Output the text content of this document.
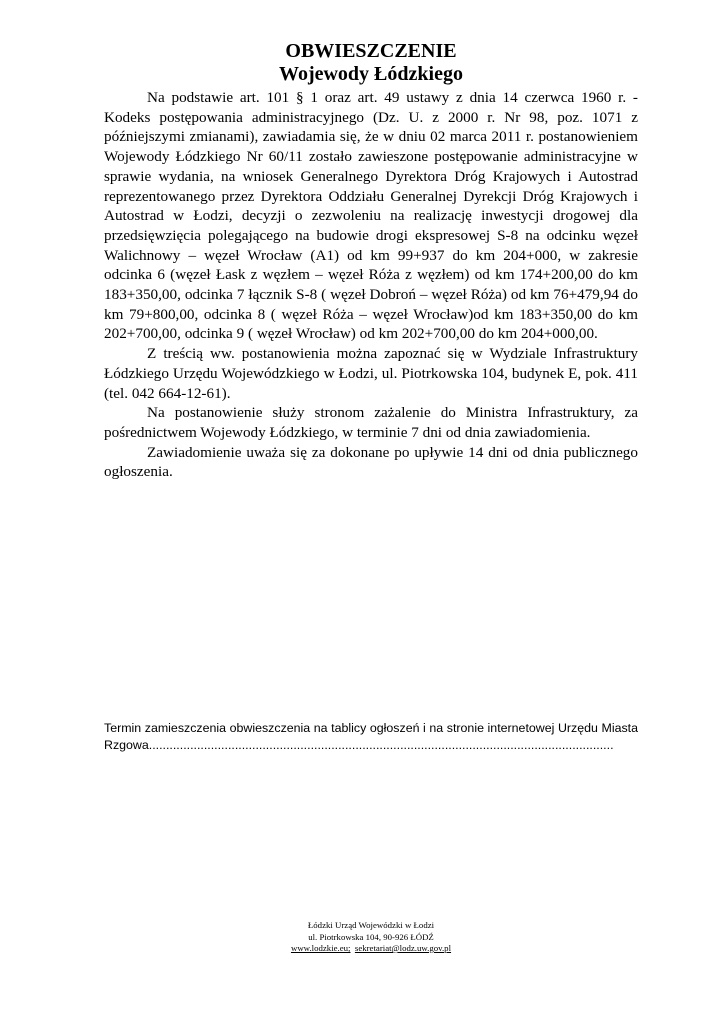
OBWIESZCZENIE

Wojewody Łódzkiego

Na podstawie art. 101 § 1 oraz art. 49 ustawy z dnia 14 czerwca 1960 r. - Kodeks postępowania administracyjnego (Dz. U. z 2000 r. Nr 98, poz. 1071 z późniejszymi zmianami), zawiadamia się, że w dniu 02 marca 2011 r. postanowieniem Wojewody Łódzkiego Nr 60/11 zostało zawieszone postępowanie administracyjne w sprawie wydania, na wniosek Generalnego Dyrektora Dróg Krajowych i Autostrad reprezentowanego przez Dyrektora Oddziału Generalnej Dyrekcji Dróg Krajowych i Autostrad w Łodzi, decyzji o zezwoleniu na realizację inwestycji drogowej dla przedsięwzięcia polegającego na budowie drogi ekspresowej S-8 na odcinku węzeł Walichnowy – węzeł Wrocław (A1) od km 99+937 do km 204+000, w zakresie odcinka 6 (węzeł Łask z węzłem – węzeł Róża z węzłem) od km 174+200,00 do km 183+350,00, odcinka 7 łącznik S-8 ( węzeł Dobroń – węzeł Róża) od km 76+479,94 do km 79+800,00, odcinka 8 ( węzeł Róża – węzeł Wrocław)od km 183+350,00 do km 202+700,00, odcinka 9 ( węzeł Wrocław) od km 202+700,00 do km 204+000,00.

Z treścią ww. postanowienia można zapoznać się w Wydziale Infrastruktury Łódzkiego Urzędu Wojewódzkiego w Łodzi, ul. Piotrkowska 104, budynek E, pok. 411 (tel. 042 664-12-61).

Na postanowienie służy stronom zażalenie do Ministra Infrastruktury, za pośrednictwem Wojewody Łódzkiego, w terminie 7 dni od dnia zawiadomienia.

Zawiadomienie uważa się za dokonane po upływie 14 dni od dnia publicznego ogłoszenia.

Termin zamieszczenia obwieszczenia na tablicy ogłoszeń i na stronie internetowej Urzędu Miasta Rzgowa.......................................................................................................................................

Łódzki Urząd Wojewódzki w Łodzi

ul. Piotrkowska 104, 90-926 ŁÓDŹ

www.lodzkie.eu; sekretariat@lodz.uw.gov.pl
